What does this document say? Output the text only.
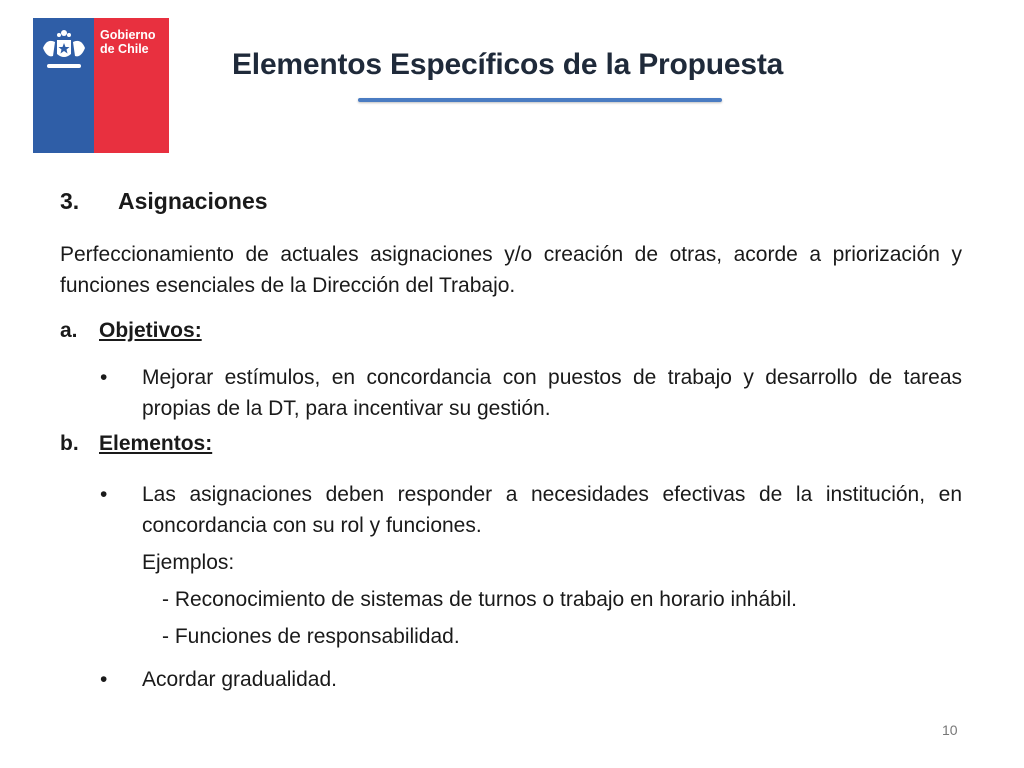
Gobierno
de Chile	Elementos Específicos de la Propuesta
3.	Asignaciones
Perfeccionamiento de actuales asignaciones y/o creación de otras, acorde a priorización y funciones esenciales de la Dirección del Trabajo.
a.	Objetivos:
•	Mejorar estímulos, en concordancia con puestos de trabajo y desarrollo de tareas propias de la DT, para incentivar su gestión.
b. Elementos:
•	Las asignaciones deben responder a necesidades efectivas de la institución, en concordancia con su rol y funciones.
Ejemplos:
- Reconocimiento de sistemas de turnos o trabajo en horario inhábil.
- Funciones de responsabilidad.
•	Acordar gradualidad.
10
